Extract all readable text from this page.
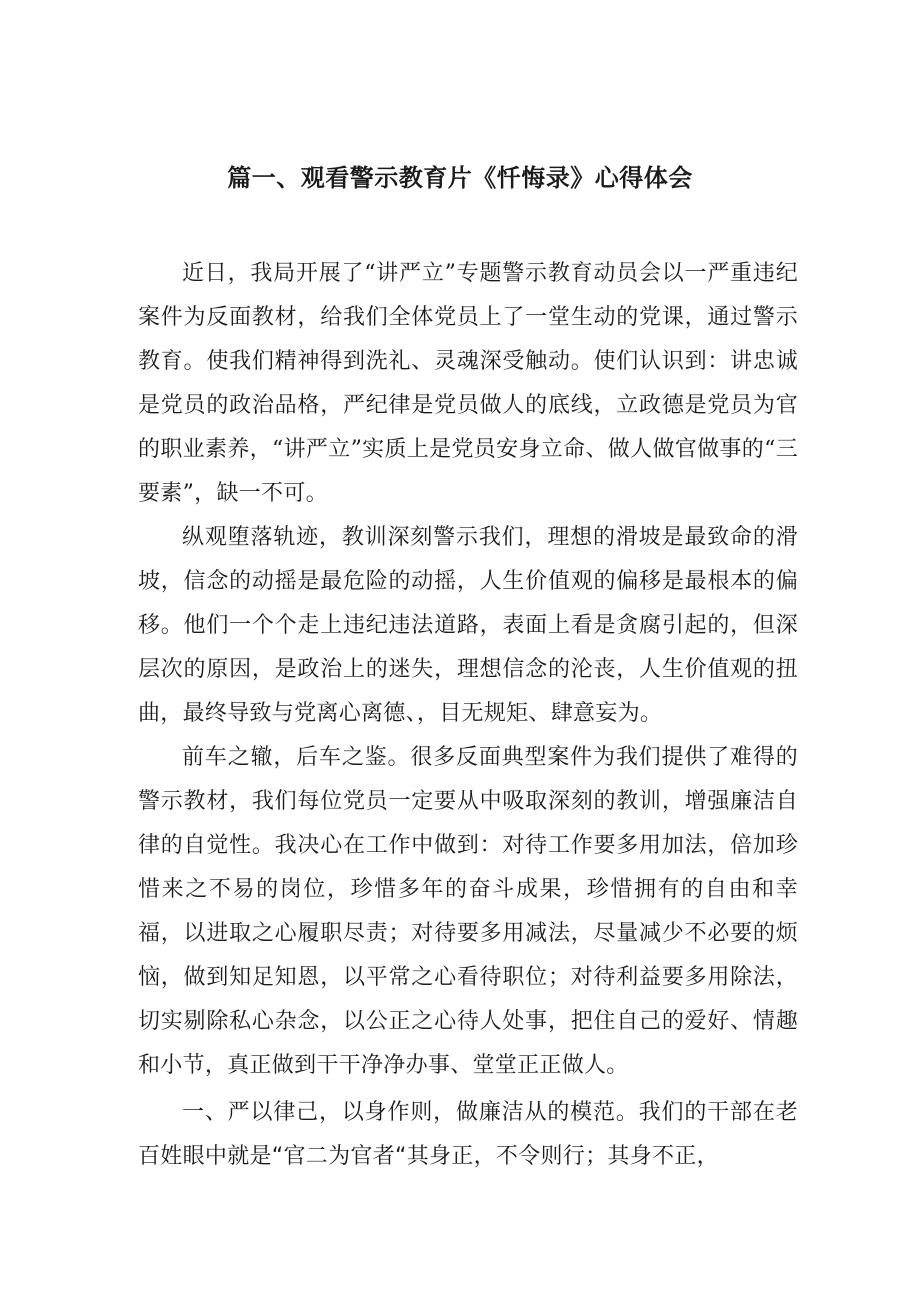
篇一、观看警示教育片《忏悔录》心得体会

近日，我局开展了“讲严立”专题警示教育动员会以一严重违纪案件为反面教材，给我们全体党员上了一堂生动的党课，通过警示教育。使我们精神得到洗礼、灵魂深受触动。使们认识到：讲忠诚是党员的政治品格，严纪律是党员做人的底线，立政德是党员为官的职业素养，“讲严立”实质上是党员安身立命、做人做官做事的“三要素”，缺一不可。

纵观堕落轨迹，教训深刻警示我们，理想的滑坡是最致命的滑坡，信念的动摇是最危险的动摇，人生价值观的偏移是最根本的偏移。他们一个个走上违纪违法道路，表面上看是贪腐引起的，但深层次的原因，是政治上的迷失，理想信念的沦丧，人生价值观的扭曲，最终导致与党离心离德、，目无规矩、肆意妄为。

前车之辙，后车之鉴。很多反面典型案件为我们提供了难得的警示教材，我们每位党员一定要从中吸取深刻的教训，增强廉洁自律的自觉性。我决心在工作中做到：对待工作要多用加法，倍加珍惜来之不易的岗位，珍惜多年的奋斗成果，珍惜拥有的自由和幸福，以进取之心履职尽责；对待要多用减法，尽量减少不必要的烦恼，做到知足知恩，以平常之心看待职位；对待利益要多用除法，切实剔除私心杂念，以公正之心待人处事，把住自己的爱好、情趣和小节，真正做到干干净净办事、堂堂正正做人。

一、严以律己，以身作则，做廉洁从的模范。我们的干部在老百姓眼中就是“官二为官者“其身正，不令则行；其身不正，
